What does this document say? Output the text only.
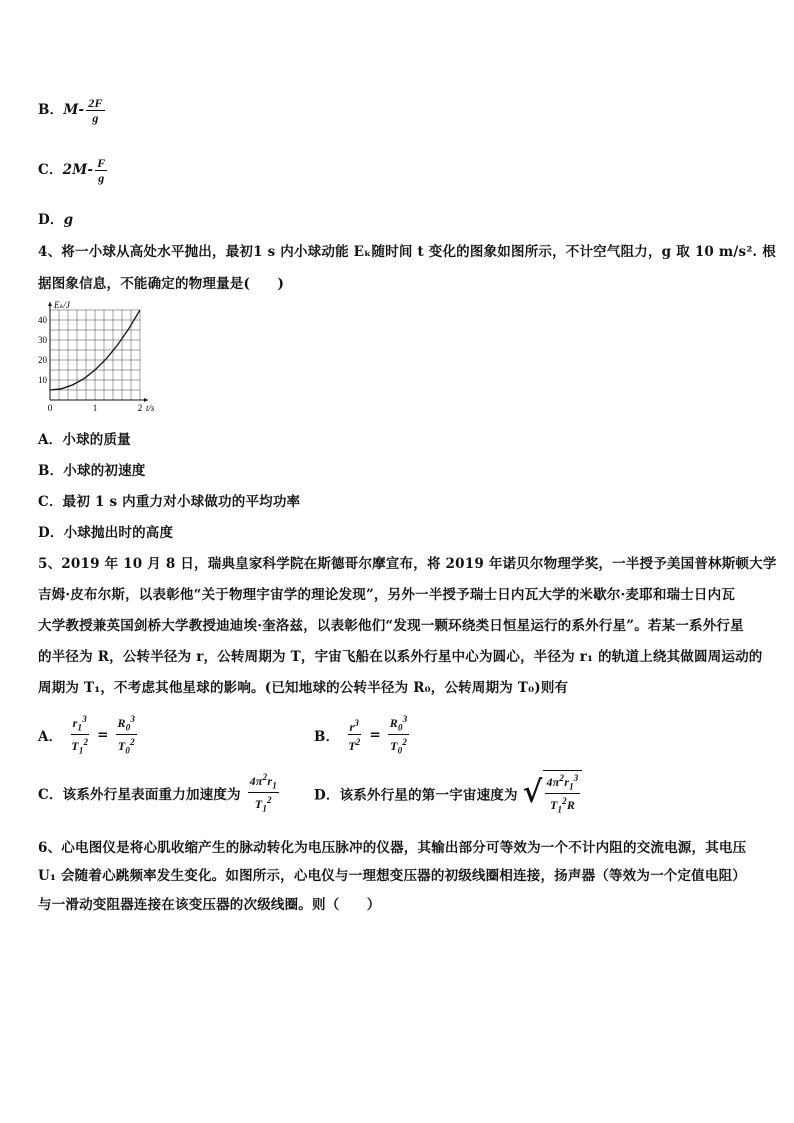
B．$M- \frac{2F}{g}$
C．$2M- \frac{F}{g}$
D．g
4、将一小球从高处水平抛出，最初1 s 内小球动能 Eₖ随时间 t 变化的图象如图所示，不计空气阻力，g 取 10 m/s². 根
据图象信息，不能确定的物理量是(　　)
0	1	2
10
20
30
40
Eₖ/J
t/s
A．小球的质量
B．小球的初速度
C．最初 1 s 内重力对小球做功的平均功率
D．小球抛出时的高度
5、2019 年 10 月 8 日，瑞典皇家科学院在斯德哥尔摩宣布，将 2019 年诺贝尔物理学奖，一半授予美国普林斯顿大学
吉姆·皮布尔斯，以表彰他“关于物理宇宙学的理论发现”，另外一半授予瑞士日内瓦大学的米歇尔·麦耶和瑞士日内瓦
大学教授兼英国剑桥大学教授迪迪埃·奎洛兹，以表彰他们“发现一颗环绕类日恒星运行的系外行星”。若某一系外行星
的半径为 R，公转半径为 r，公转周期为 T，宇宙飞船在以系外行星中心为圆心，半径为 r₁ 的轨道上绕其做圆周运动的
周期为 T₁，不考虑其他星球的影响。(已知地球的公转半径为 R₀，公转周期为 T₀)则有
A． $\frac{r_1^3}{T_1^2} = \frac{R_0^3}{T_0^2}$	B． $\frac{r^3}{T^2} = \frac{R_0^3}{T_0^2}$
C．该系外行星表面重力加速度为 $\frac{4\pi^2r_1}{T_1^2}$	D．该系外行星的第一宇宙速度为 √ $\frac{4\pi^2r_1^3}{T_1^2R}$
6、心电图仪是将心肌收缩产生的脉动转化为电压脉冲的仪器，其输出部分可等效为一个不计内阻的交流电源，其电压
U₁ 会随着心跳频率发生变化。如图所示，心电仪与一理想变压器的初级线圈相连接，扬声器（等效为一个定值电阻）
与一滑动变阻器连接在该变压器的次级线圈。则（　　）
